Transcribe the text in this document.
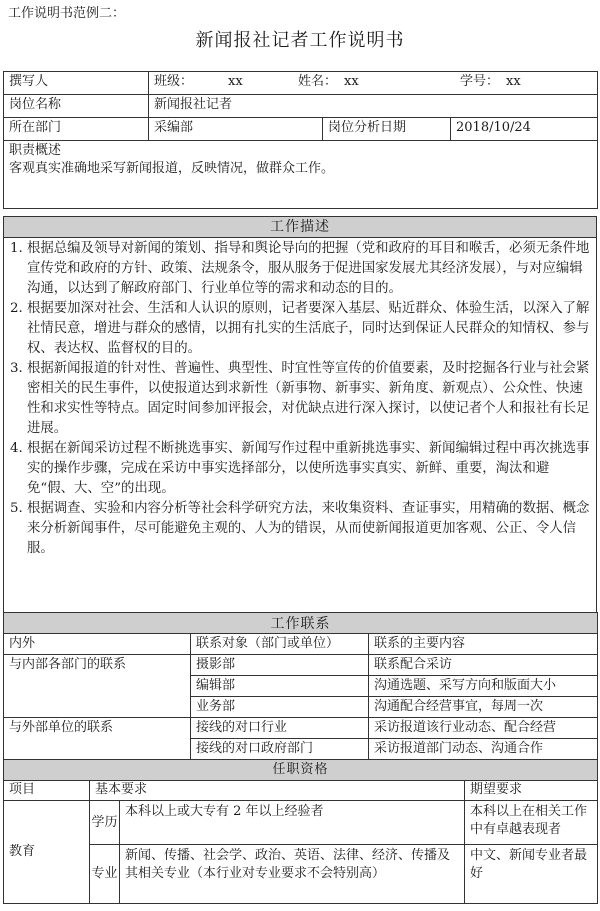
工作说明书范例二：
新闻报社记者工作说明书
撰写人	班级： xx 姓名： xx 学号： xx		
岗位名称	新闻报社记者		
所在部门	采编部	岗位分析日期	2018/10/24

职责概述
客观真实准确地采写新闻报道，反映情况，做群众工作。			
工作描述

1. 根据总编及领导对新闻的策划、指导和舆论导向的把握（党和政府的耳目和喉舌，必须无条件地宣传党和政府的方针、政策、法规条令，服从服务于促进国家发展尤其经济发展），与对应编辑沟通，以达到了解政府部门、行业单位等的需求和动态的目的。
2. 根据要加深对社会、生活和人认识的原则，记者要深入基层、贴近群众、体验生活，以深入了解社情民意，增进与群众的感情，以拥有扎实的生活底子，同时达到保证人民群众的知情权、参与权、表达权、监督权的目的。
3. 根据新闻报道的针对性、普遍性、典型性、时宜性等宣传的价值要素，及时挖掘各行业与社会紧密相关的民生事件，以使报道达到求新性（新事物、新事实、新角度、新观点）、公众性、快速性和求实性等特点。固定时间参加评报会，对优缺点进行深入探讨，以使记者个人和报社有长足进展。
4. 根据在新闻采访过程不断挑选事实、新闻写作过程中重新挑选事实、新闻编辑过程中再次挑选事实的操作步骤，完成在采访中事实选择部分，以使所选事实真实、新鲜、重要，淘汰和避免“假、大、空”的出现。
5. 根据调查、实验和内容分析等社会科学研究方法，来收集资料、查证事实，用精确的数据、概念来分析新闻事件，尽可能避免主观的、人为的错误，从而使新闻报道更加客观、公正、令人信服。
工作联系		
内外	联系对象（部门或单位）	联系的主要内容
与内部各部门的联系	摄影部	联系配合采访
	编辑部	沟通选题、采写方向和版面大小
	业务部	沟通配合经营事宜，每周一次
与外部单位的联系	接线的对口行业	采访报道该行业动态、配合经营
	接线的对口政府部门	采访报道部门动态、沟通合作
任职资格			
项目	基本要求		期望要求
教育	学历	本科以上或大专有 2 年以上经验者	本科以上在相关工作中有卓越表现者
	专业	新闻、传播、社会学、政治、英语、法律、经济、传播及其相关专业（本行业对专业要求不会特别高）	中文、新闻专业者最好
